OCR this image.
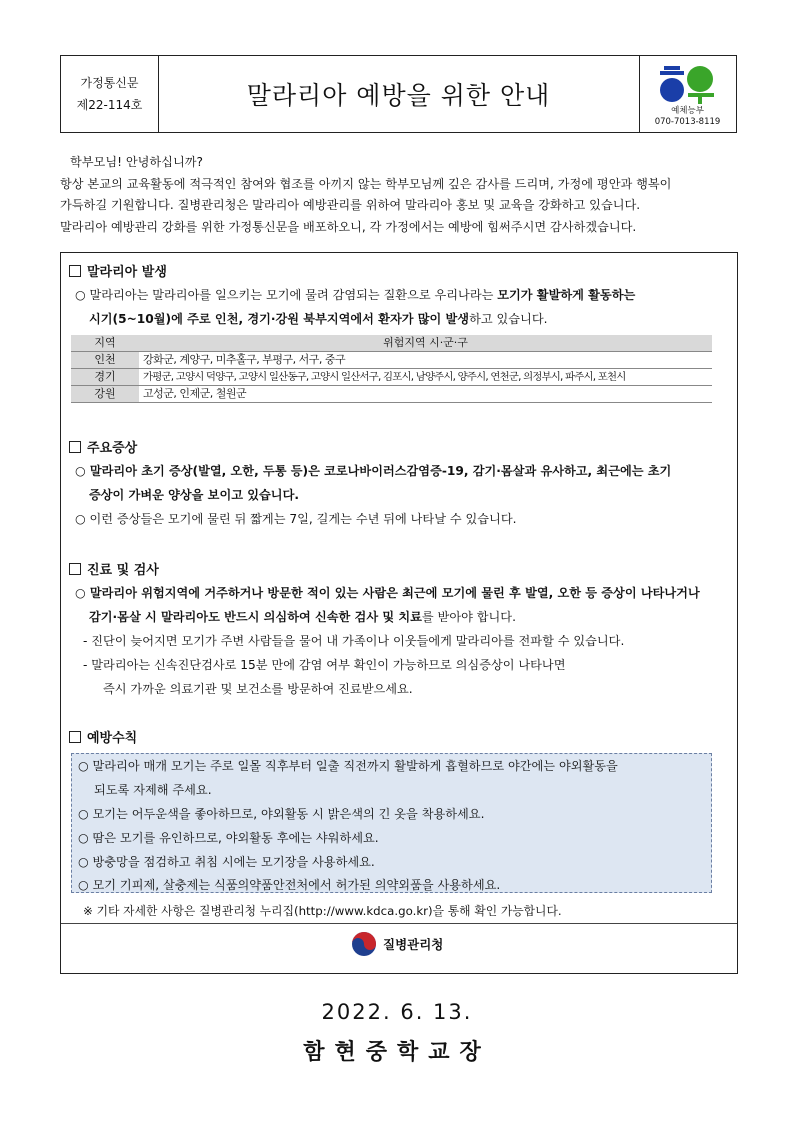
가정통신문
제22-114호	말라리아 예방을 위한 안내
예체능부
070-7013-8119

학부모님! 안녕하십니까?

항상 본교의 교육활동에 적극적인 참여와 협조를 아끼지 않는 학부모님께 깊은 감사를 드리며, 가정에 평안과 행복이

가득하길 기원합니다. 질병관리청은 말라리아 예방관리를 위하여 말라리아 홍보 및 교육을 강화하고 있습니다.

말라리아 예방관리 강화를 위한 가정통신문을 배포하오니, 각 가정에서는 예방에 힘써주시면 감사하겠습니다.

말라리아 발생
○ 말라리아는 말라리아를 일으키는 모기에 물려 감염되는 질환으로 우리나라는 모기가 활발하게 활동하는
시기(5~10월)에 주로 인천, 경기·강원 북부지역에서 환자가 많이 발생하고 있습니다.
지역	위험지역 시·군·구
인천	강화군, 계양구, 미추홀구, 부평구, 서구, 중구
경기	가평군, 고양시 덕양구, 고양시 일산동구, 고양시 일산서구, 김포시, 남양주시, 양주시, 연천군, 의정부시, 파주시, 포천시
강원	고성군, 인제군, 철원군
주요증상
○ 말라리아 초기 증상(발열, 오한, 두통 등)은 코로나바이러스감염증-19, 감기·몸살과 유사하고, 최근에는 초기
증상이 가벼운 양상을 보이고 있습니다.
○ 이런 증상들은 모기에 물린 뒤 짧게는 7일, 길게는 수년 뒤에 나타날 수 있습니다.
진료 및 검사
○ 말라리아 위험지역에 거주하거나 방문한 적이 있는 사람은 최근에 모기에 물린 후 발열, 오한 등 증상이 나타나거나
감기·몸살 시 말라리아도 반드시 의심하여 신속한 검사 및 치료를 받아야 합니다.
- 진단이 늦어지면 모기가 주변 사람들을 물어 내 가족이나 이웃들에게 말라리아를 전파할 수 있습니다.
- 말라리아는 신속진단검사로 15분 만에 감염 여부 확인이 가능하므로 의심증상이 나타나면
즉시 가까운 의료기관 및 보건소를 방문하여 진료받으세요.
예방수칙
○ 말라리아 매개 모기는 주로 일몰 직후부터 일출 직전까지 활발하게 흡혈하므로 야간에는 야외활동을
되도록 자제해 주세요.
○ 모기는 어두운색을 좋아하므로, 야외활동 시 밝은색의 긴 옷을 착용하세요.
○ 땀은 모기를 유인하므로, 야외활동 후에는 샤워하세요.
○ 방충망을 점검하고 취침 시에는 모기장을 사용하세요.
○ 모기 기피제, 살충제는 식품의약품안전처에서 허가된 의약외품을 사용하세요.
※ 기타 자세한 사항은 질병관리청 누리집(http://www.kdca.go.kr)을 통해 확인 가능합니다.
질병관리청
2022. 6. 13.
함현중학교장
